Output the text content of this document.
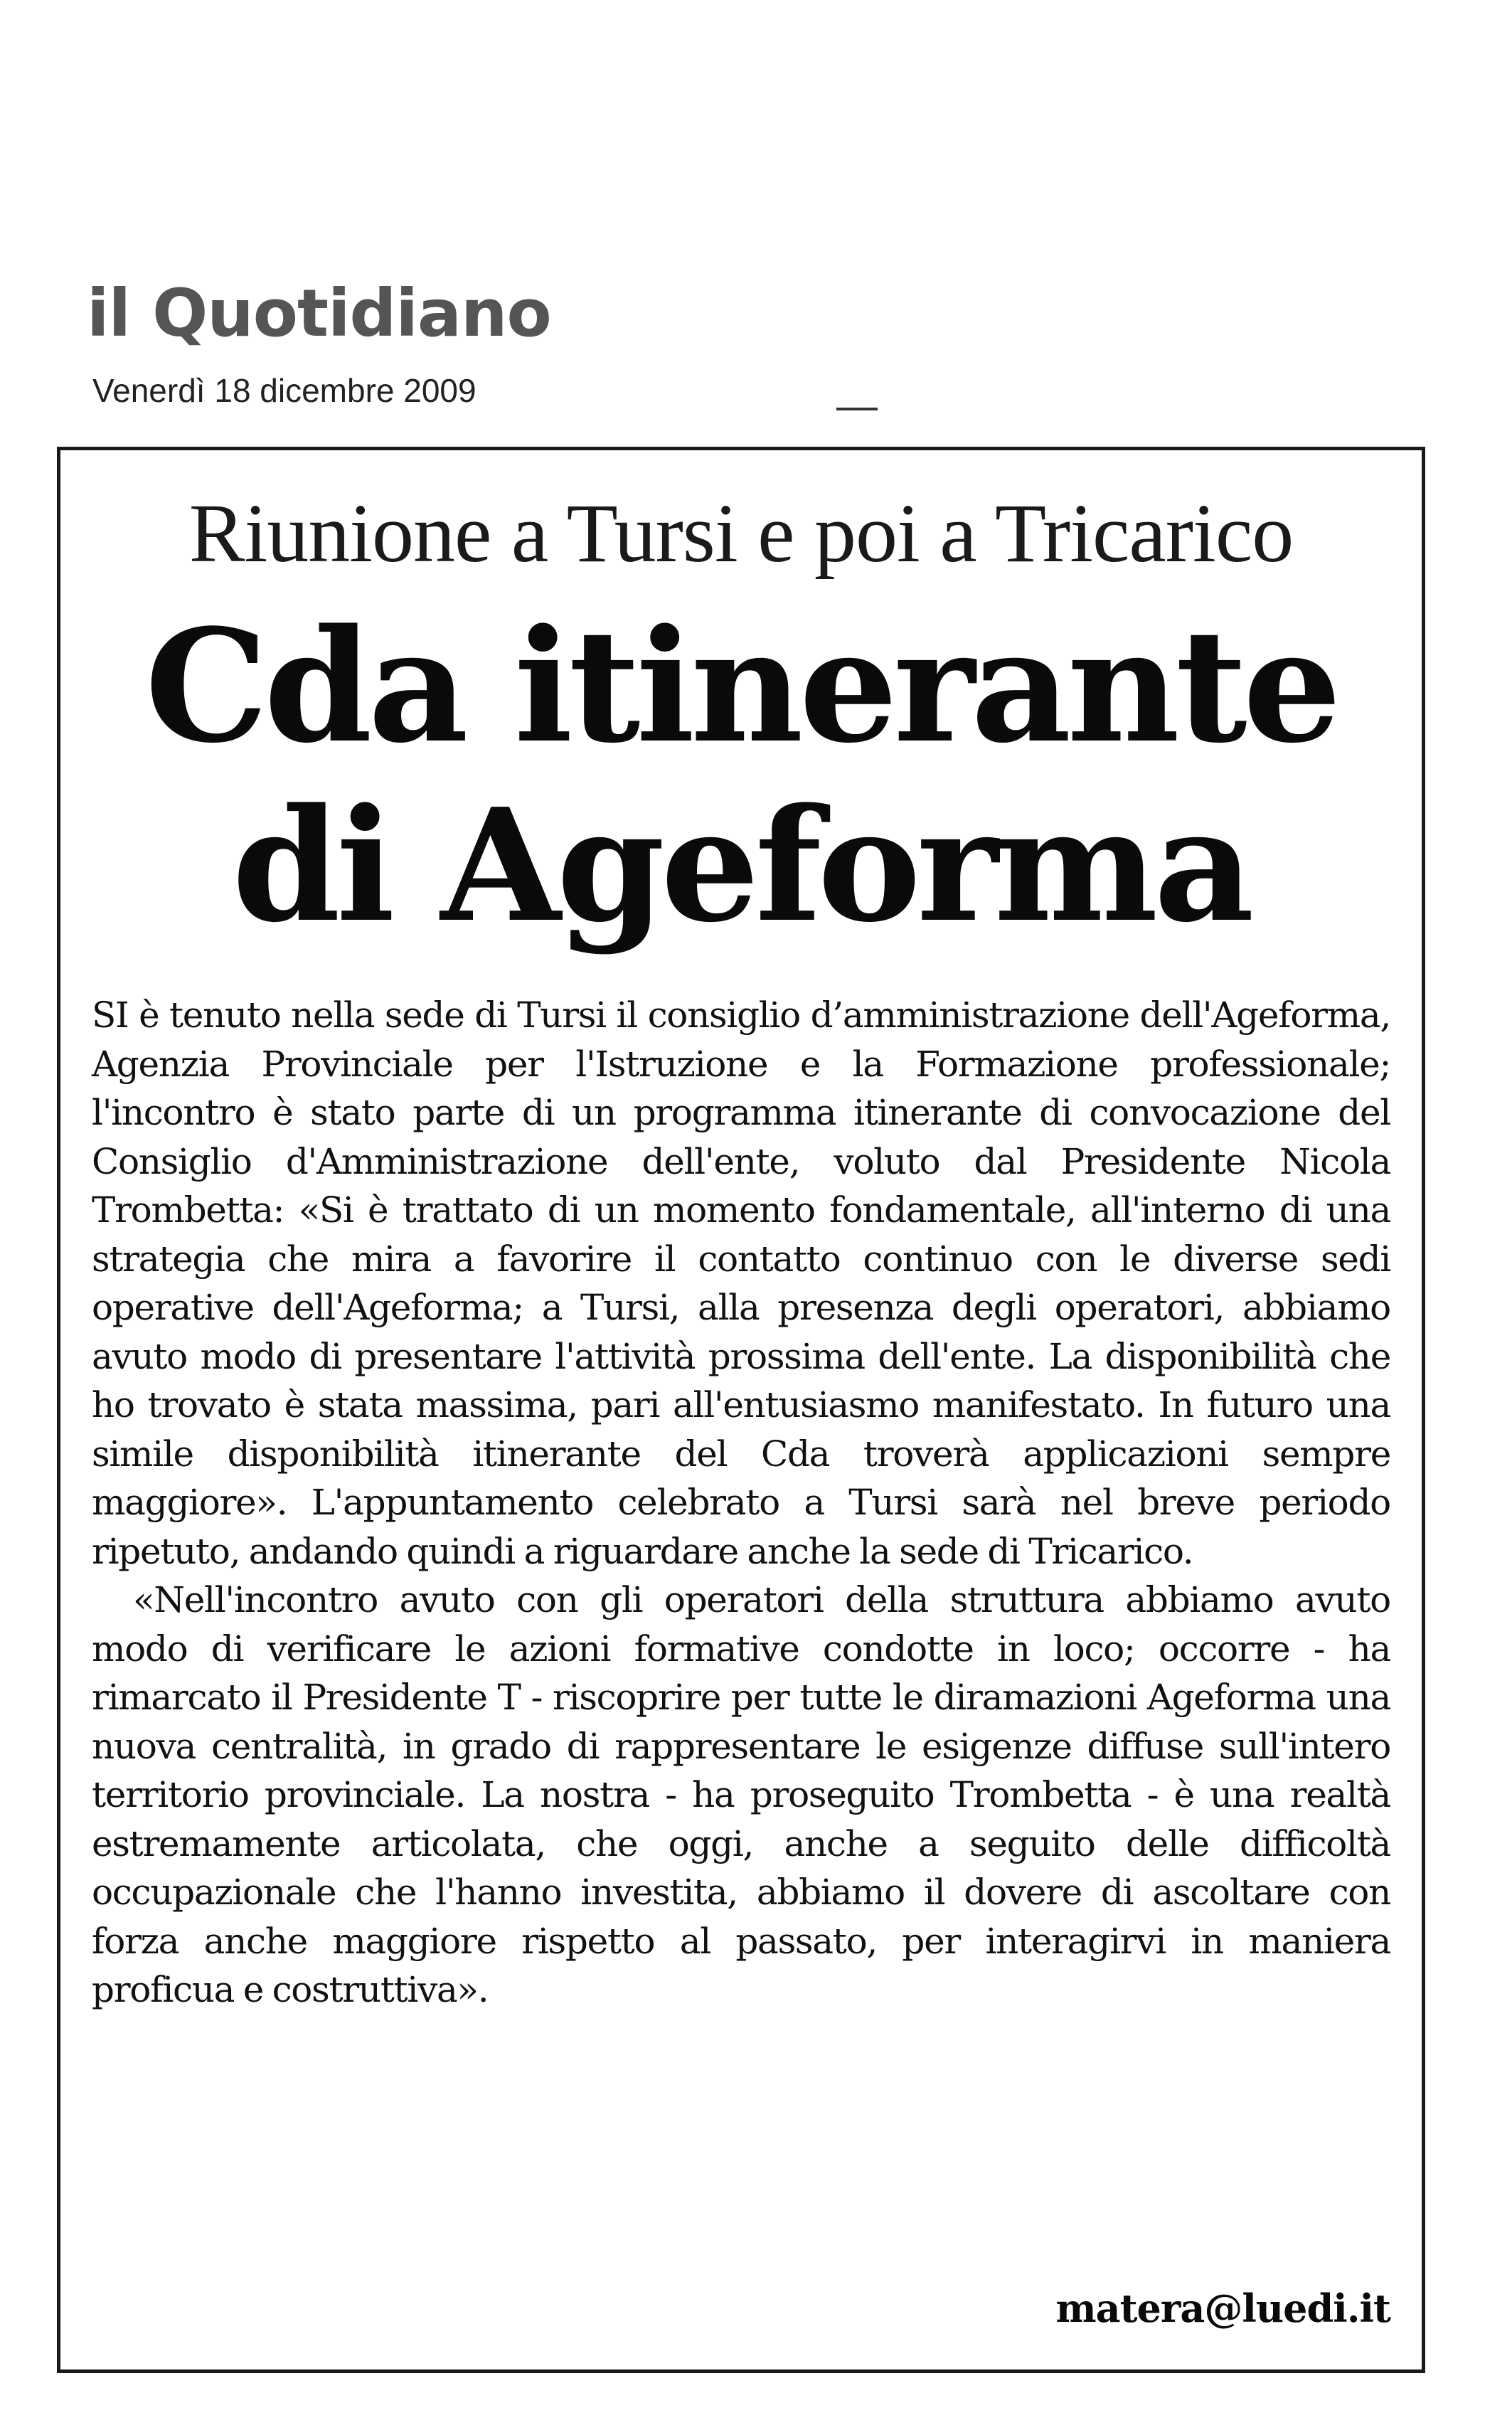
il Quotidiano
Venerdì 18 dicembre 2009
Riunione a Tursi e poi a Tricarico
Cda itinerante
di Ageforma

SI è tenuto nella sede di Tursi il consiglio d’amministrazione dell'Ageforma, Agenzia Provinciale per l'Istruzione e la Formazione professionale; l'incontro è stato parte di un programma itinerante di convocazione del Consiglio d'Amministrazione dell'ente, voluto dal Presidente Nicola Trombetta: «Si è trattato di un momento fondamentale, all'interno di una strategia che mira a favorire il contatto continuo con le diverse sedi operative dell'Ageforma; a Tursi, alla presenza degli operatori, abbiamo avuto modo di presentare l'attività prossima dell'ente. La disponibilità che ho trovato è stata massima, pari all'entusiasmo manifestato. In futuro una simile disponibilità itinerante del Cda troverà applicazioni sempre maggiore». L'appuntamento celebrato a Tursi sarà nel breve periodo ripetuto, andando quindi a riguardare anche la sede di Tricarico.

«Nell'incontro avuto con gli operatori della struttura abbiamo avuto modo di verificare le azioni formative condotte in loco; occorre - ha rimarcato il Presidente T - riscoprire per tutte le diramazioni Ageforma una nuova centralità, in grado di rappresentare le esigenze diffuse sull'intero territorio provinciale. La nostra - ha proseguito Trombetta - è una realtà estremamente articolata, che oggi, anche a seguito delle difficoltà occupazionale che l'hanno investita, abbiamo il dovere di ascoltare con forza anche maggiore rispetto al passato, per interagirvi in maniera proficua e costruttiva».

matera@luedi.it
